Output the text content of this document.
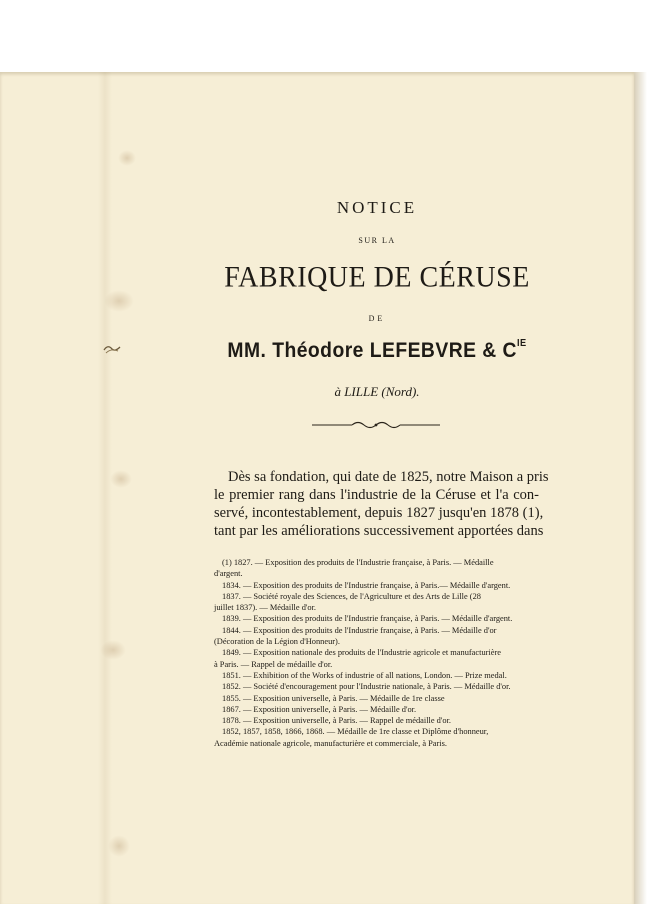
NOTICE
SUR LA
FABRIQUE DE CÉRUSE
DE
MM. Théodore LEFEBVRE & $C^{IE}$
à LILLE (Nord).
Dès sa fondation, qui date de 1825, notre Maison a pris
le premier rang dans l'industrie de la Céruse et l'a con-
servé, incontestablement, depuis 1827 jusqu'en 1878 (1),
tant par les améliorations successivement apportées dans
(1) 1827. — Exposition des produits de l'Industrie française, à Paris. — Médaille
d'argent.
1834. — Exposition des produits de l'Industrie française, à Paris.— Médaille d'argent.
1837. — Société royale des Sciences, de l'Agriculture et des Arts de Lille (28
juillet 1837). — Médaille d'or.
1839. — Exposition des produits de l'Industrie française, à Paris. — Médaille d'argent.
1844. — Exposition des produits de l'Industrie française, à Paris. — Médaille d'or
(Décoration de la Légion d'Honneur).
1849. — Exposition nationale des produits de l'Industrie agricole et manufacturière
à Paris. — Rappel de médaille d'or.
1851. — Exhibition of the Works of industrie of all nations, London. — Prize medal.
1852. — Société d'encouragement pour l'Industrie nationale, à Paris. — Médaille d'or.
1855. — Exposition universelle, à Paris. — Médaille de 1re classe
1867. — Exposition universelle, à Paris. — Médaille d'or.
1878. — Exposition universelle, à Paris. — Rappel de médaille d'or.
1852, 1857, 1858, 1866, 1868. — Médaille de 1re classe et Diplôme d'honneur,
Académie nationale agricole, manufacturière et commerciale, à Paris.
